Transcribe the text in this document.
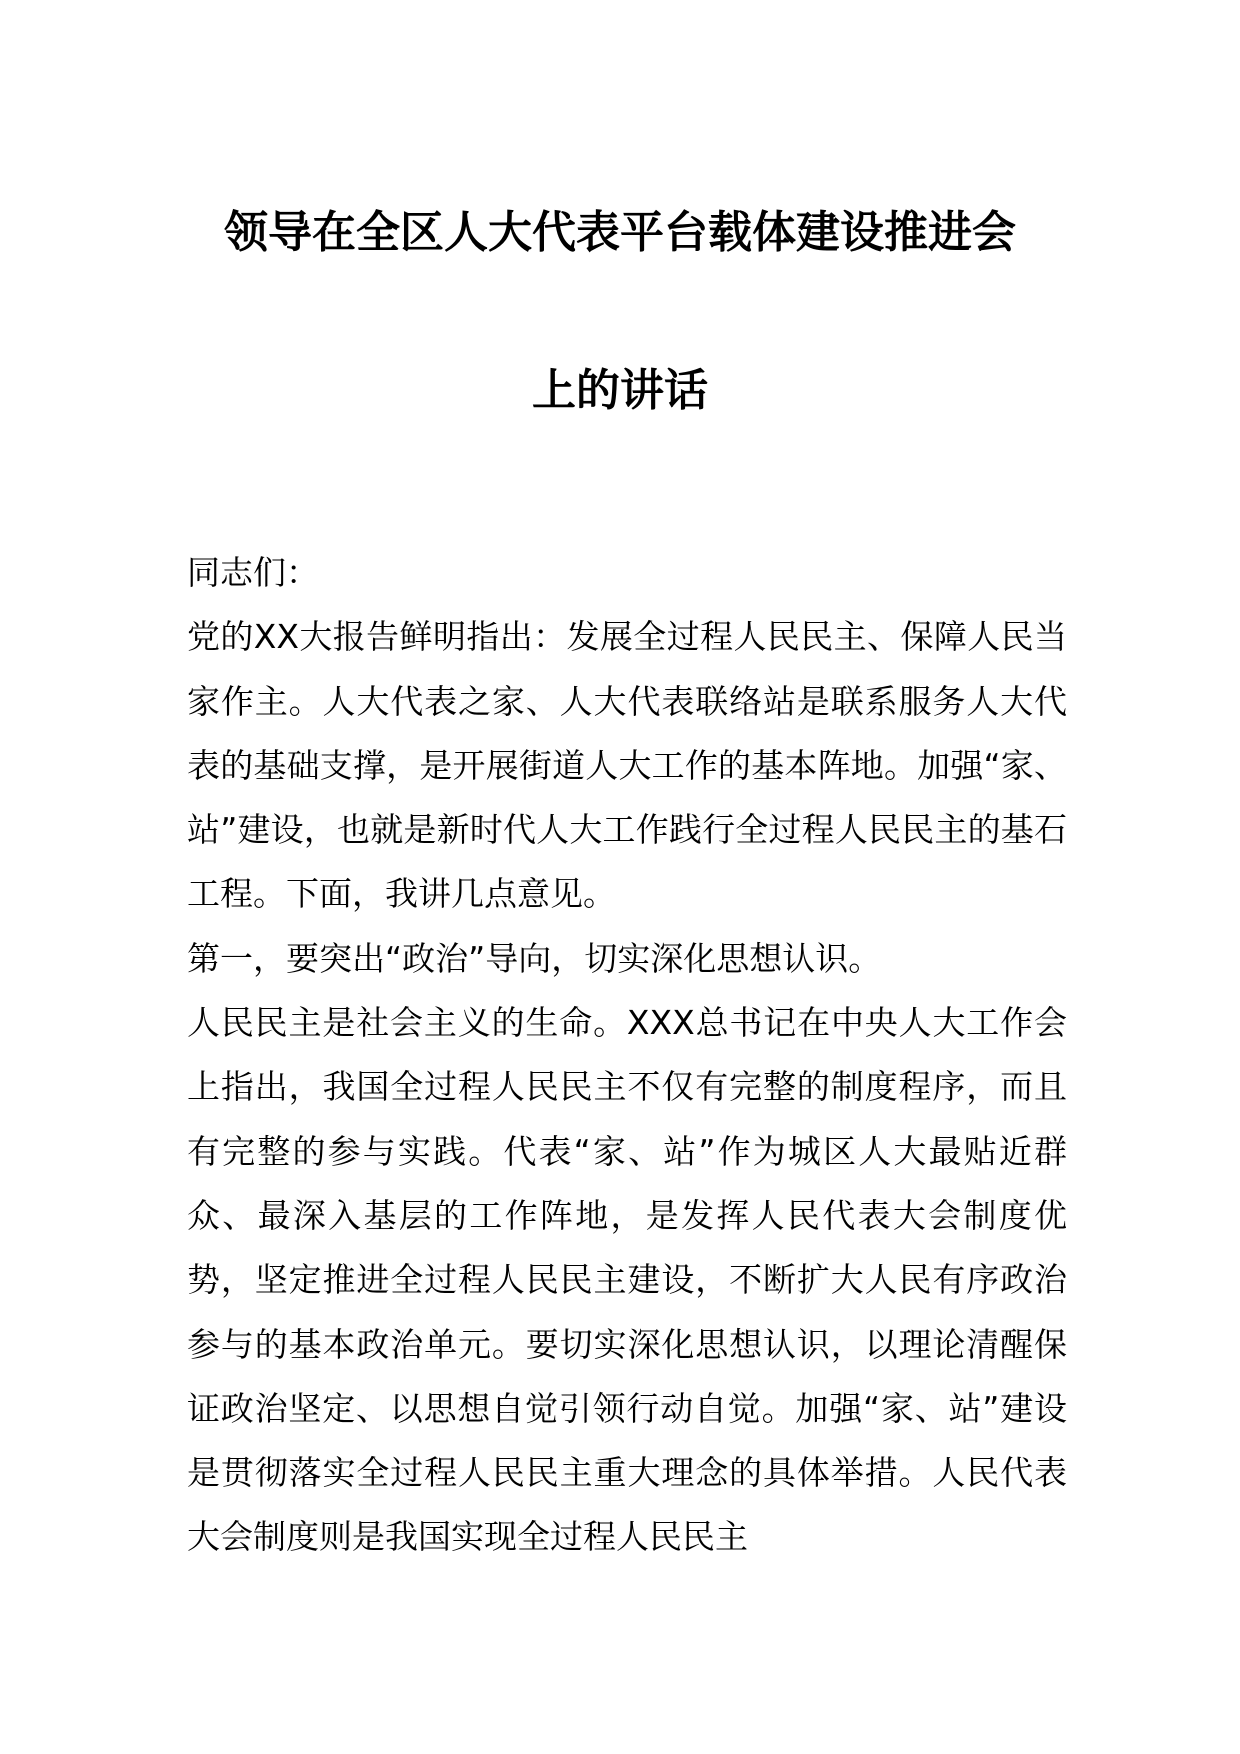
领导在全区人大代表平台载体建设推进会
上的讲话

同志们：

党的XX大报告鲜明指出：发展全过程人民民主、保障人民当家作主。人大代表之家、人大代表联络站是联系服务人大代表的基础支撑，是开展街道人大工作的基本阵地。加强“家、站”建设，也就是新时代人大工作践行全过程人民民主的基石工程。下面，我讲几点意见。

第一，要突出“政治”导向，切实深化思想认识。

人民民主是社会主义的生命。XXX总书记在中央人大工作会上指出，我国全过程人民民主不仅有完整的制度程序，而且有完整的参与实践。代表“家、站”作为城区人大最贴近群众、最深入基层的工作阵地，是发挥人民代表大会制度优势，坚定推进全过程人民民主建设，不断扩大人民有序政治参与的基本政治单元。要切实深化思想认识，以理论清醒保证政治坚定、以思想自觉引领行动自觉。加强“家、站”建设是贯彻落实全过程人民民主重大理念的具体举措。人民代表大会制度则是我国实现全过程人民民主
